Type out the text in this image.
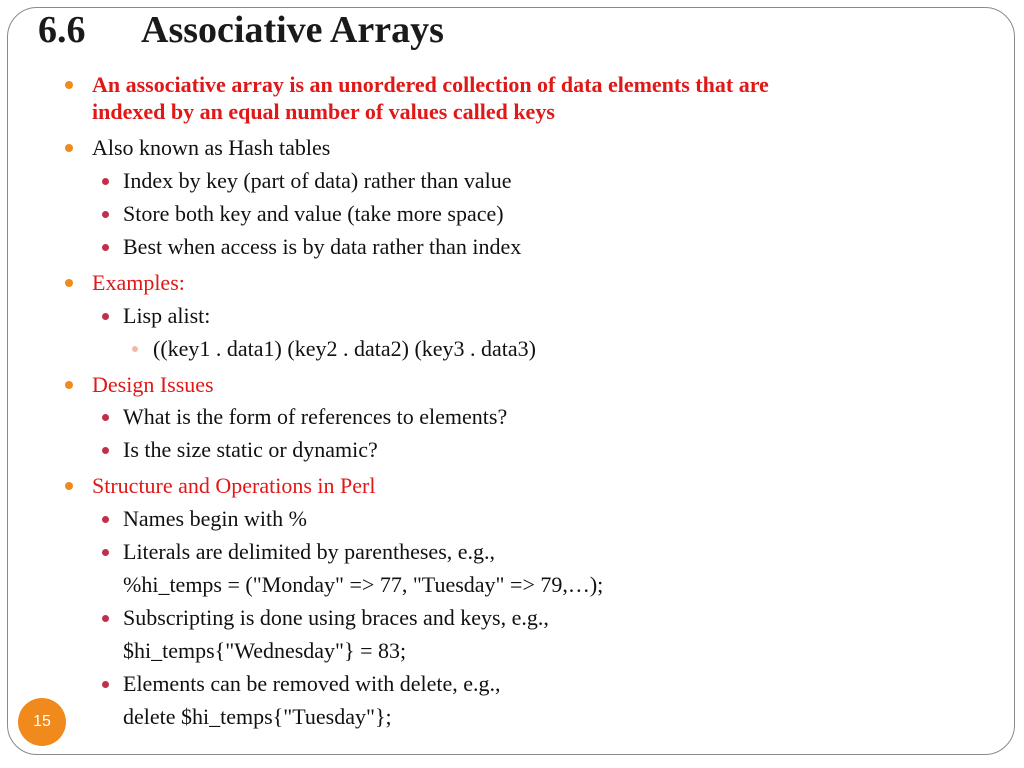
6.6 Associative Arrays
An associative array is an unordered collection of data elements that are
indexed by an equal number of values called keys
Also known as Hash tables
Index by key (part of data) rather than value
Store both key and value (take more space)
Best when access is by data rather than index
Examples:
Lisp alist:
((key1 . data1) (key2 . data2) (key3 . data3)
Design Issues
What is the form of references to elements?
Is the size static or dynamic?
Structure and Operations in Perl
Names begin with %
Literals are delimited by parentheses, e.g.,
%hi_temps = ("Monday" => 77, "Tuesday" => 79,…);
Subscripting is done using braces and keys, e.g.,
$hi_temps{"Wednesday"} = 83;
Elements can be removed with delete, e.g.,
delete $hi_temps{"Tuesday"};
15
